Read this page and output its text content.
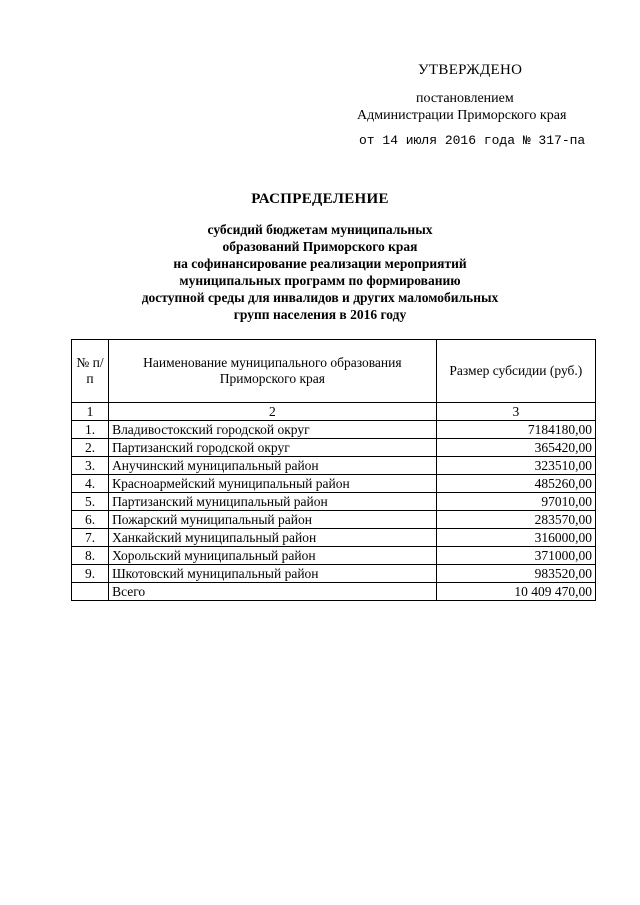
УТВЕРЖДЕНО
постановлением
Администрации Приморского края
от 14 июля 2016 года № 317-па
РАСПРЕДЕЛЕНИЕ
субсидий бюджетам муниципальных
образований Приморского края
на софинансирование реализации мероприятий
муниципальных программ по формированию
доступной среды для инвалидов и других маломобильных
групп населения в 2016 году
№ п/п	Наименование муниципального образования Приморского края	Размер субсидии (руб.)
1	2	3
1.	Владивостокский городской округ	7184180,00
2.	Партизанский городской округ	365420,00
3.	Анучинский муниципальный район	323510,00
4.	Красноармейский муниципальный район	485260,00
5.	Партизанский муниципальный район	97010,00
6.	Пожарский муниципальный район	283570,00
7.	Ханкайский муниципальный район	316000,00
8.	Хорольский муниципальный район	371000,00
9.	Шкотовский муниципальный район	983520,00
	Всего	10 409 470,00
